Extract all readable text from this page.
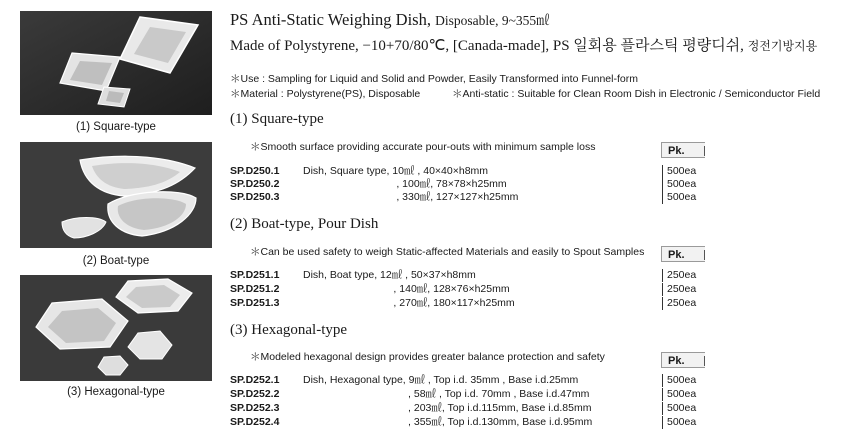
(1) Square-type
(2) Boat-type
(3) Hexagonal-type
PS Anti-Static Weighing Dish, Disposable, 9~355㎖
Made of Polystyrene, −10+70/80℃, [Canada-made], PS 일회용 플라스틱 평량디쉬, 정전기방지용
＊Use : Sampling for Liquid and Solid and Powder, Easily Transformed into Funnel-form
＊Material : Polystyrene(PS), Disposable	＊Anti-static : Suitable for Clean Room Dish in Electronic / Semiconductor Field
(1) Square-type
＊Smooth surface providing accurate pour-outs with minimum sample loss	Pk.
SP.D250.1 Dish, Square type, 10㎖ , 40×40×h8mm	500ea
SP.D250.2 , 100㎖, 78×78×h25mm	500ea
SP.D250.3 , 330㎖, 127×127×h25mm	500ea
(2) Boat-type, Pour Dish
＊Can be used safety to weigh Static-affected Materials and easily to Spout Samples	Pk.
SP.D251.1 Dish, Boat type, 12㎖ , 50×37×h8mm	250ea
SP.D251.2 , 140㎖, 128×76×h25mm	250ea
SP.D251.3 , 270㎖, 180×117×h25mm	250ea
(3) Hexagonal-type
＊Modeled hexagonal design provides greater balance protection and safety	Pk.
SP.D252.1 Dish, Hexagonal type, 9㎖ , Top i.d. 35mm , Base i.d.25mm	500ea
SP.D252.2 , 58㎖ , Top i.d. 70mm , Base i.d.47mm	500ea
SP.D252.3 , 203㎖, Top i.d.115mm, Base i.d.85mm	500ea
SP.D252.4 , 355㎖, Top i.d.130mm, Base i.d.95mm	500ea
